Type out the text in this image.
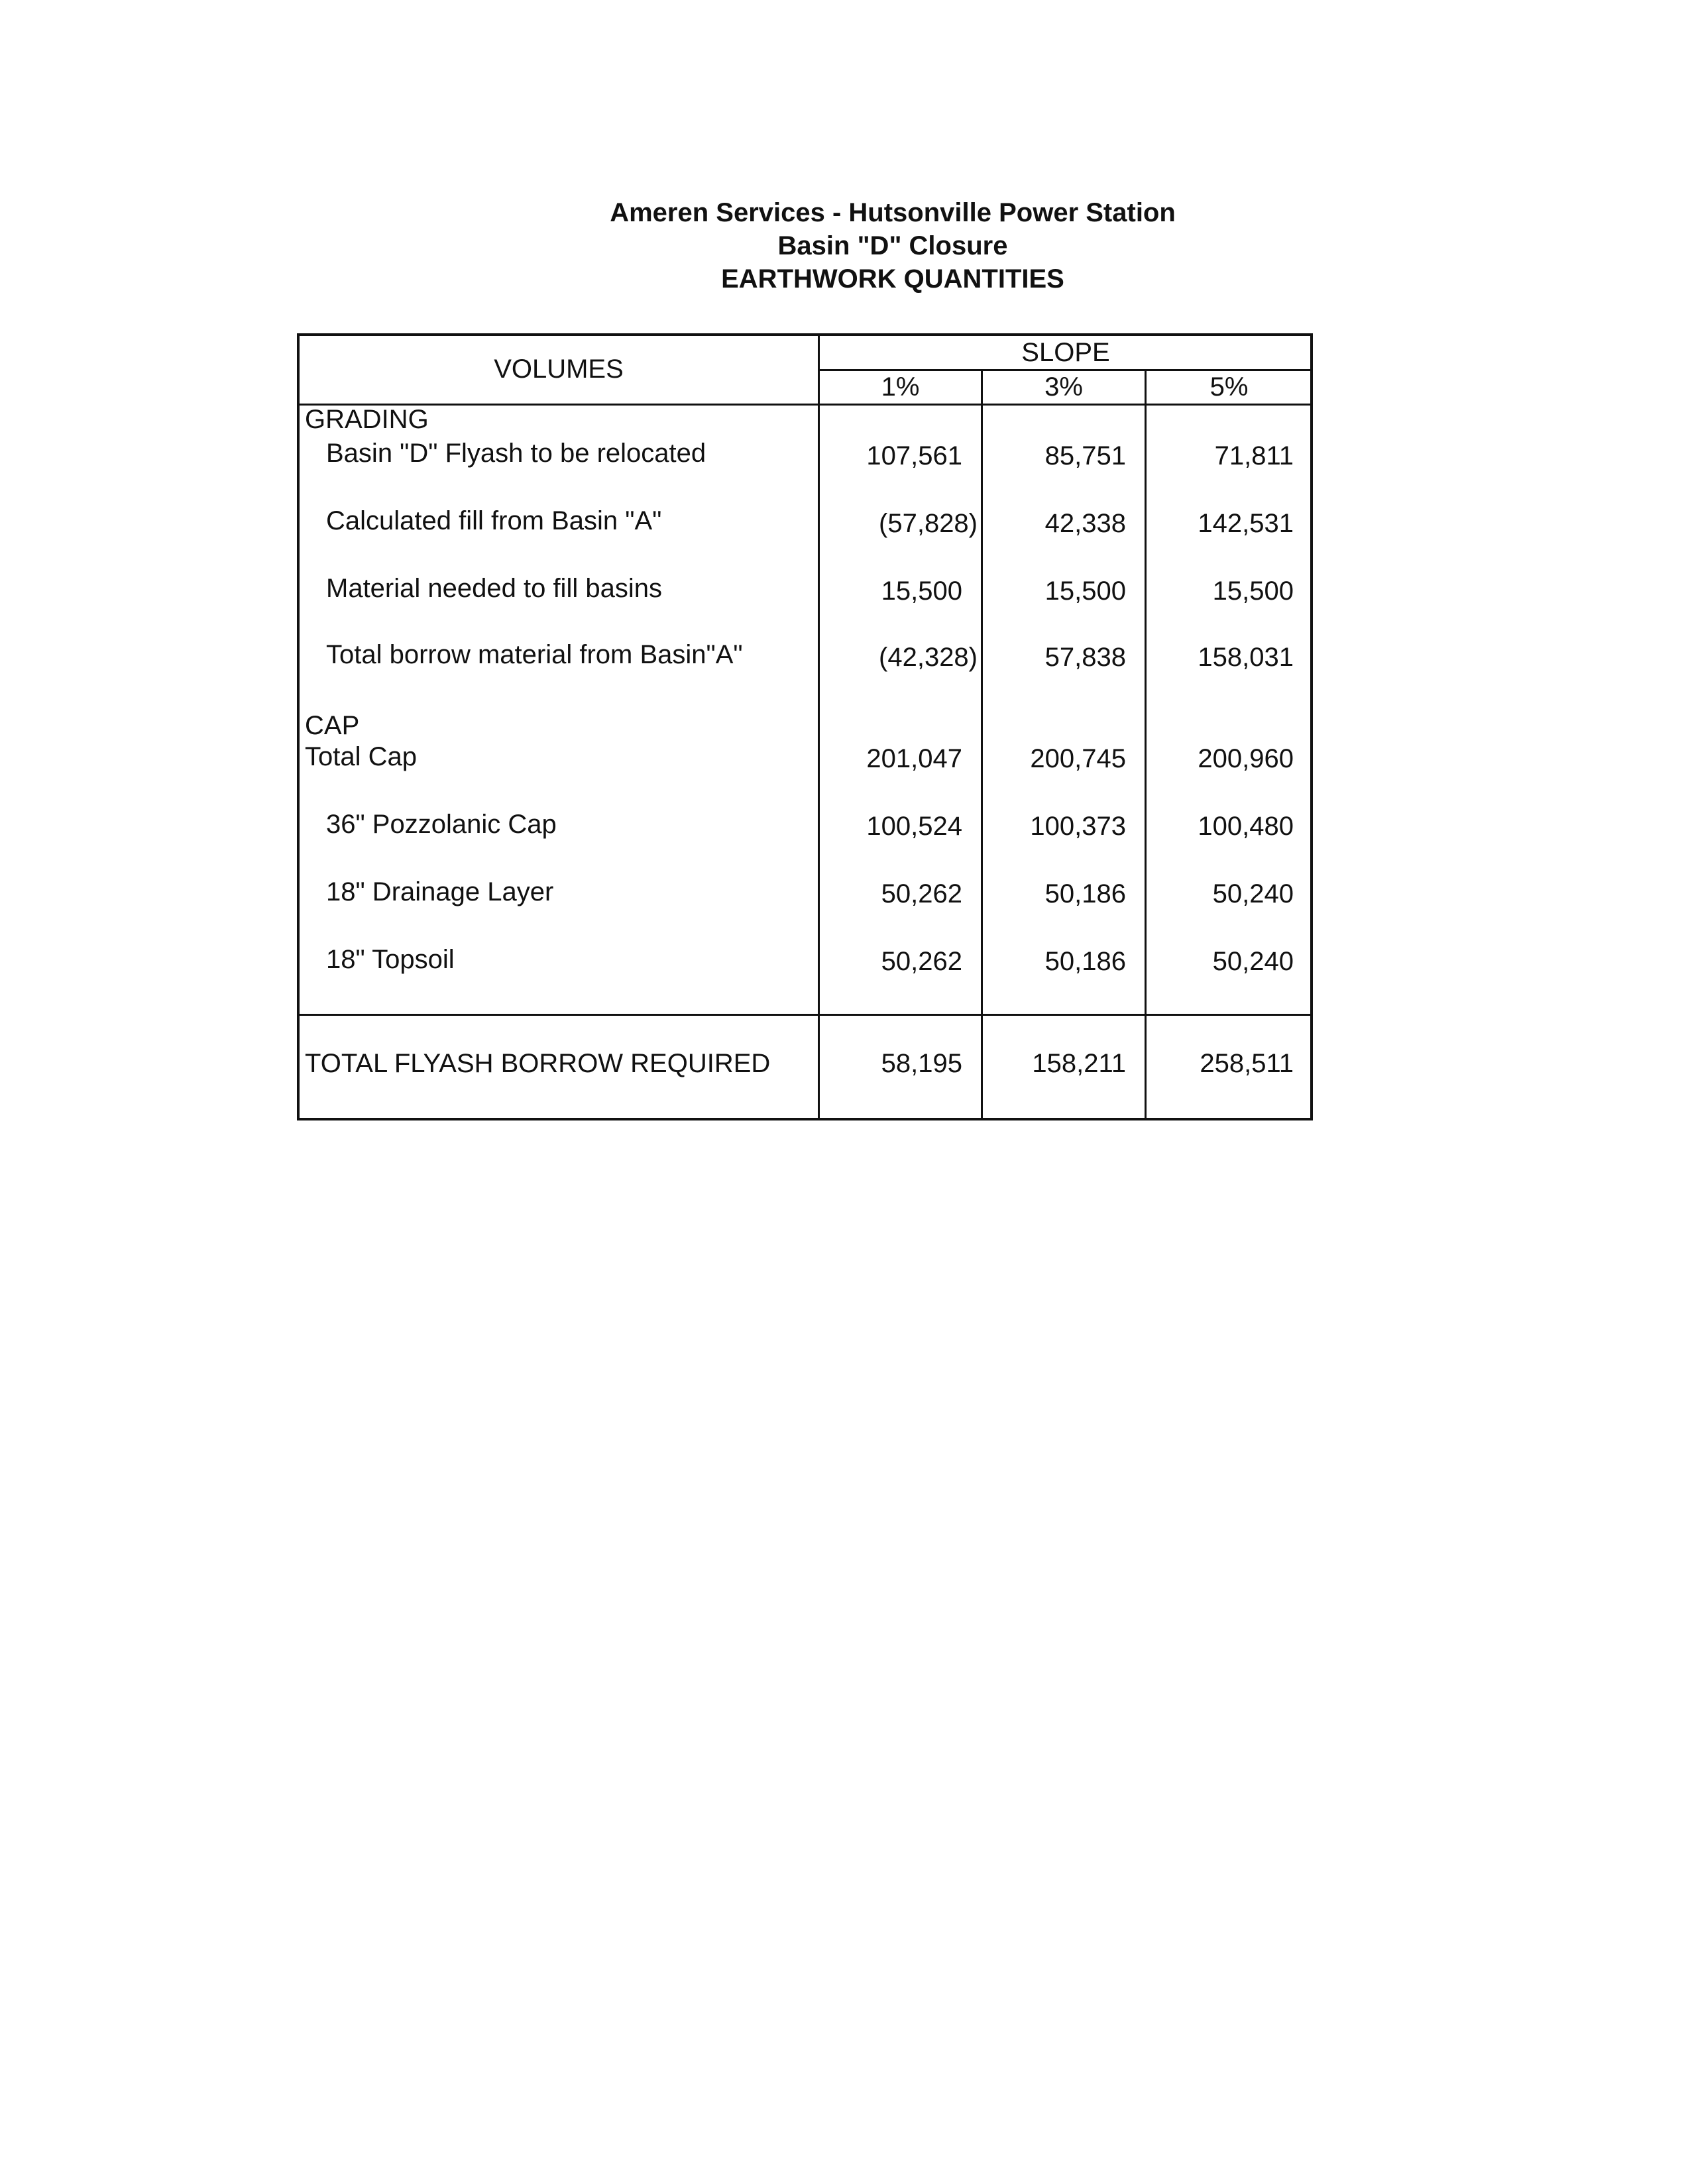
Ameren Services - Hutsonville Power Station
Basin "D" Closure
EARTHWORK QUANTITIES
VOLUMES
SLOPE
1%	3%	5%
GRADING
Basin "D" Flyash to be relocated	107,561	85,751	71,811
Calculated fill from Basin "A"	(57,828)	42,338	142,531
Material needed to fill basins	15,500	15,500	15,500
Total borrow material from Basin"A"	(42,328)	57,838	158,031
CAP
Total Cap	201,047	200,745	200,960
36" Pozzolanic Cap	100,524	100,373	100,480
18" Drainage Layer	50,262	50,186	50,240
18" Topsoil	50,262	50,186	50,240
TOTAL FLYASH BORROW REQUIRED	58,195	158,211	258,511
